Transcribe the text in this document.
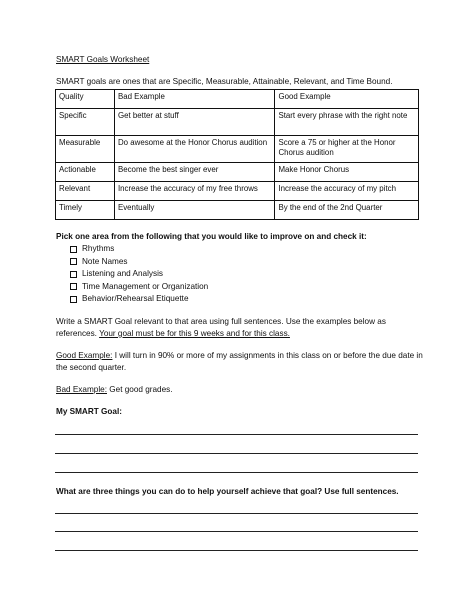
SMART Goals Worksheet
SMART goals are ones that are Specific, Measurable, Attainable, Relevant, and Time Bound.
Quality	Bad Example	Good Example
Specific	Get better at stuff	Start every phrase with the right note
Measurable	Do awesome at the Honor Chorus audition	Score a 75 or higher at the Honor Chorus audition
Actionable	Become the best singer ever	Make Honor Chorus
Relevant	Increase the accuracy of my free throws	Increase the accuracy of my pitch
Timely	Eventually	By the end of the 2nd Quarter
Pick one area from the following that you would like to improve on and check it:
Rhythms
Note Names
Listening and Analysis
Time Management or Organization
Behavior/Rehearsal Etiquette
Write a SMART Goal relevant to that area using full sentences. Use the examples below as references. Your goal must be for this 9 weeks and for this class.
Good Example: I will turn in 90% or more of my assignments in this class on or before the due date in the second quarter.
Bad Example: Get good grades.
My SMART Goal:
What are three things you can do to help yourself achieve that goal? Use full sentences.
